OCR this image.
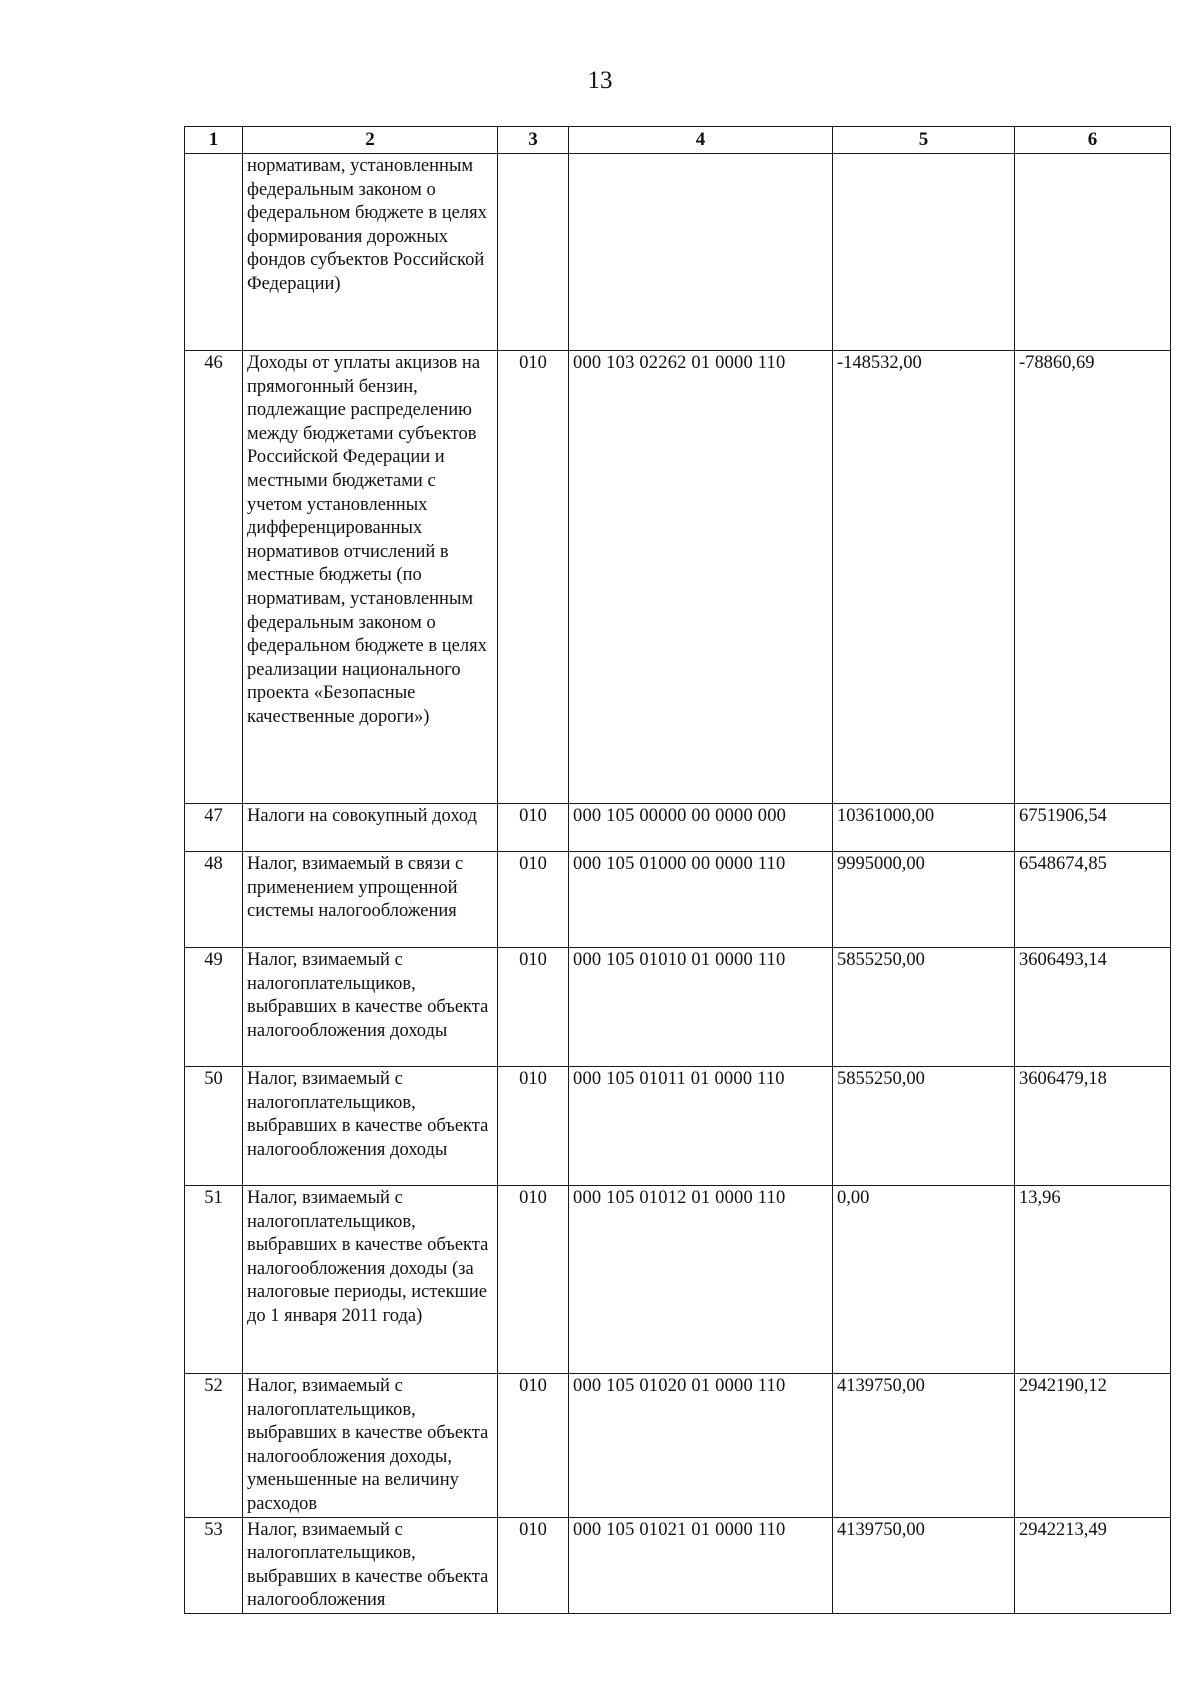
13
1	2	3	4	5	6
	нормативам, установленным федеральным законом о федеральном бюджете в целях формирования дорожных фондов субъектов Российской Федерации)				
46	Доходы от уплаты акцизов на прямогонный бензин, подлежащие распределению между бюджетами субъектов Российской Федерации и местными бюджетами с учетом установленных дифференцированных нормативов отчислений в местные бюджеты (по нормативам, установленным федеральным законом о федеральном бюджете в целях реализации национального проекта «Безопасные качественные дороги»)	010	000 103 02262 01 0000 110	-148532,00	-78860,69
47	Налоги на совокупный доход	010	000 105 00000 00 0000 000	10361000,00	6751906,54
48	Налог, взимаемый в связи с применением упрощенной системы налогообложения	010	000 105 01000 00 0000 110	9995000,00	6548674,85
49	Налог, взимаемый с налогоплательщиков, выбравших в качестве объекта налогообложения доходы	010	000 105 01010 01 0000 110	5855250,00	3606493,14
50	Налог, взимаемый с налогоплательщиков, выбравших в качестве объекта налогообложения доходы	010	000 105 01011 01 0000 110	5855250,00	3606479,18
51	Налог, взимаемый с налогоплательщиков, выбравших в качестве объекта налогообложения доходы (за налоговые периоды, истекшие до 1 января 2011 года)	010	000 105 01012 01 0000 110	0,00	13,96
52	Налог, взимаемый с налогоплательщиков, выбравших в качестве объекта налогообложения доходы, уменьшенные на величину расходов	010	000 105 01020 01 0000 110	4139750,00	2942190,12
53	Налог, взимаемый с налогоплательщиков, выбравших в качестве объекта налогообложения	010	000 105 01021 01 0000 110	4139750,00	2942213,49
